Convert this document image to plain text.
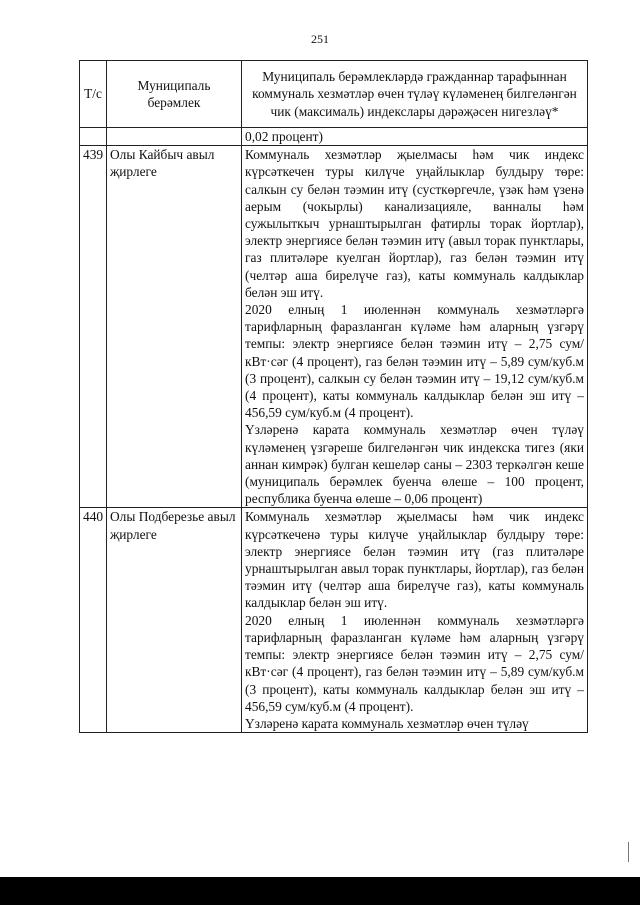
251
Т/с	Муниципаль берәмлек	Муниципаль берәмлекләрдә гражданнар тарафыннан коммуналь хезмәтләр өчен түләү күләменең билгеләнгән чик (максималь) индекслары дәрәҗәсен нигезләү*
		0,02 процент)
439	Олы Кайбыч авыл җирлеге	Коммуналь хезмәтләр җыелмасы һәм чик индекс күрсәткечен туры килүче уңайлыклар булдыру төре: салкын су белән тәэмин итү (сусткөргечле, үзәк һәм үзенә аерым (чокырлы) канализацияле, ванналы һәм сужылыткыч урнаштырылган фатирлы торак йортлар), электр энергиясе белән тәэмин итү (авыл торак пунктлары, газ плитәләре куелган йортлар), газ белән тәэмин итү (челтәр аша бирелүче газ), каты коммуналь калдыклар белән эш итү.

2020 елның 1 июленнән коммуналь хезмәтләргә тарифларның фаразланган күләме һәм аларның үзгәрү темпы: электр энергиясе белән тәэмин итү – 2,75 сум/кВт·сәг (4 процент), газ белән тәэмин итү – 5,89 сум/куб.м (3 процент), салкын су белән тәэмин итү – 19,12 сум/куб.м (4 процент), каты коммуналь калдыклар белән эш итү – 456,59 сум/куб.м (4 процент).

Үзләренә карата коммуналь хезмәтләр өчен түләү күләменең үзгәреше билгеләнгән чик индекска тигез (яки аннан кимрәк) булган кешеләр саны – 2303 теркәлгән кеше (муниципаль берәмлек буенча өлеше – 100 процент, республика буенча өлеше – 0,06 процент)

440	Олы Подберезье авыл җирлеге	Коммуналь хезмәтләр җыелмасы һәм чик индекс күрсәткеченә туры килүче уңайлыклар булдыру төре: электр энергиясе белән тәэмин итү (газ плитәләре урнаштырылган авыл торак пунктлары, йортлар), газ белән тәэмин итү (челтәр аша бирелүче газ), каты коммуналь калдыклар белән эш итү.

2020 елның 1 июленнән коммуналь хезмәтләргә тарифларның фаразланган күләме һәм аларның үзгәрү темпы: электр энергиясе белән тәэмин итү – 2,75 сум/кВт·сәг (4 процент), газ белән тәэмин итү – 5,89 сум/куб.м (3 процент), каты коммуналь калдыклар белән эш итү – 456,59 сум/куб.м (4 процент).

Үзләренә карата коммуналь хезмәтләр өчен түләү
